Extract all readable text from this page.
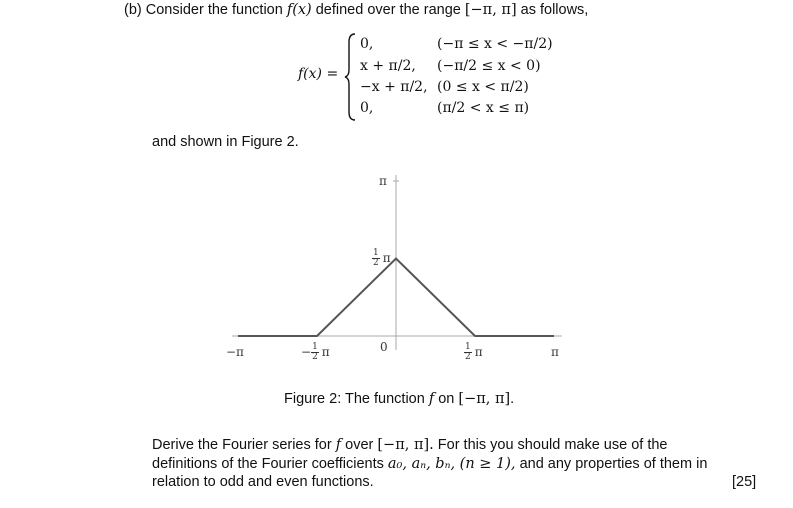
(b) Consider the function f(x) defined over the range [−π, π] as follows,
f(x) =
0,	(−π ≤ x < −π/2)
x + π/2, (−π/2 ≤ x < 0)
−x + π/2, (0 ≤ x < π/2)
0,	(π/2 < x ≤ π)
and shown in Figure 2.
π
$\frac{1}{2}$ π
−π	− $\frac{1}{2}$ π	0	$\frac{1}{2}$ π	π
Figure 2: The function f on [−π, π].
Derive the Fourier series for f over [−π, π]. For this you should make use of the
definitions of the Fourier coefficients a₀, aₙ, bₙ, (n ≥ 1), and any properties of them in
relation to odd and even functions.	[25]
